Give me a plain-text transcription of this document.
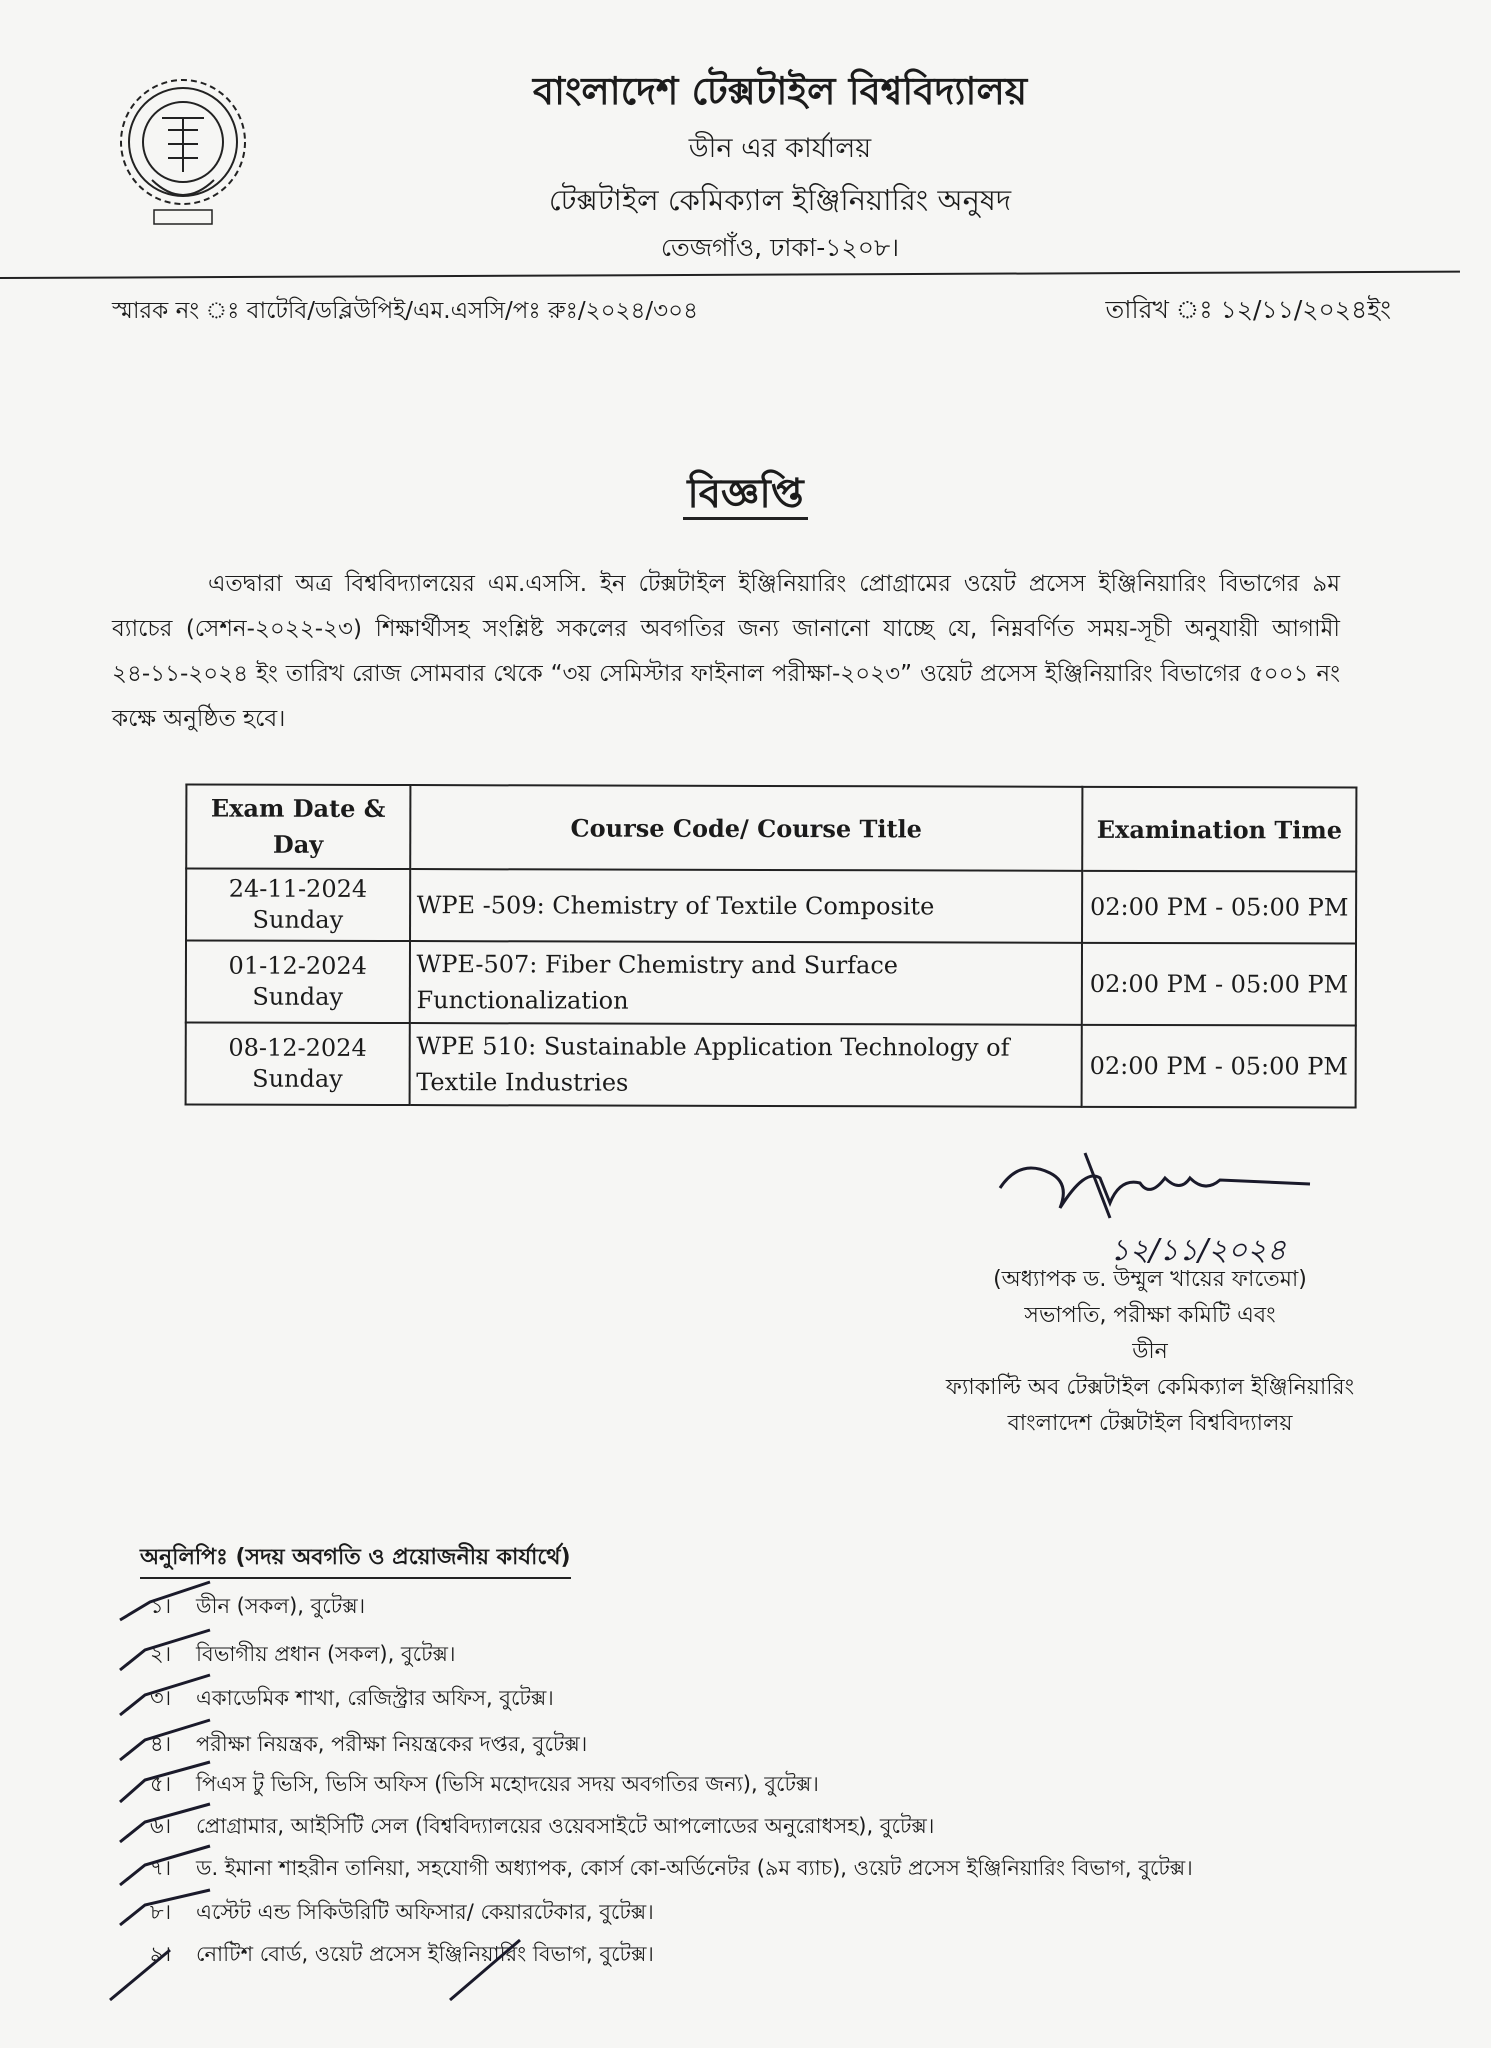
বাংলাদেশ টেক্সটাইল বিশ্ববিদ্যালয়
ডীন এর কার্যালয়
টেক্সটাইল কেমিক্যাল ইঞ্জিনিয়ারিং অনুষদ
তেজগাঁও, ঢাকা-১২০৮।
স্মারক নং ঃ বাটেবি/ডব্লিউপিই/এম.এসসি/পঃ রুঃ/২০২৪/৩০৪	তারিখ ঃ ১২/১১/২০২৪ইং
বিজ্ঞপ্তি
এতদ্বারা অত্র বিশ্ববিদ্যালয়ের এম.এসসি. ইন টেক্সটাইল ইঞ্জিনিয়ারিং প্রোগ্রামের ওয়েট প্রসেস ইঞ্জিনিয়ারিং বিভাগের ৯ম ব্যাচের (সেশন-২০২২-২৩) শিক্ষার্থীসহ সংশ্লিষ্ট সকলের অবগতির জন্য জানানো যাচ্ছে যে, নিম্নবর্ণিত সময়-সূচী অনুযায়ী আগামী ২৪-১১-২০২৪ ইং তারিখ রোজ সোমবার থেকে “৩য় সেমিস্টার ফাইনাল পরীক্ষা-২০২৩” ওয়েট প্রসেস ইঞ্জিনিয়ারিং বিভাগের ৫০০১ নং কক্ষে অনুষ্ঠিত হবে।
Exam Date & Day	Course Code/ Course Title	Examination Time

24-11-2024
Sunday	WPE -509: Chemistry of Textile Composite	02:00 PM - 05:00 PM

01-12-2024
Sunday	WPE-507: Fiber Chemistry and Surface Functionalization	02:00 PM - 05:00 PM

08-12-2024
Sunday	WPE 510: Sustainable Application Technology of Textile Industries	02:00 PM - 05:00 PM
১২/১১/২০২৪
(অধ্যাপক ড. উম্মুল খায়ের ফাতেমা)
সভাপতি, পরীক্ষা কমিটি এবং
ডীন
ফ্যাকাল্টি অব টেক্সটাইল কেমিক্যাল ইঞ্জিনিয়ারিং
বাংলাদেশ টেক্সটাইল বিশ্ববিদ্যালয়
অনুলিপিঃ (সদয় অবগতি ও প্রয়োজনীয় কার্যার্থে)
১। ডীন (সকল), বুটেক্স।
২। বিভাগীয় প্রধান (সকল), বুটেক্স।
৩। একাডেমিক শাখা, রেজিস্ট্রার অফিস, বুটেক্স।
৪। পরীক্ষা নিয়ন্ত্রক, পরীক্ষা নিয়ন্ত্রকের দপ্তর, বুটেক্স।
৫। পিএস টু ভিসি, ভিসি অফিস (ভিসি মহোদয়ের সদয় অবগতির জন্য), বুটেক্স।
৬। প্রোগ্রামার, আইসিটি সেল (বিশ্ববিদ্যালয়ের ওয়েবসাইটে আপলোডের অনুরোধসহ), বুটেক্স।
৭। ড. ইমানা শাহরীন তানিয়া, সহযোগী অধ্যাপক, কোর্স কো-অর্ডিনেটর (৯ম ব্যাচ), ওয়েট প্রসেস ইঞ্জিনিয়ারিং বিভাগ, বুটেক্স।
৮। এস্টেট এন্ড সিকিউরিটি অফিসার/ কেয়ারটেকার, বুটেক্স।
৯। নোটিশ বোর্ড, ওয়েট প্রসেস ইঞ্জিনিয়ারিং বিভাগ, বুটেক্স।
